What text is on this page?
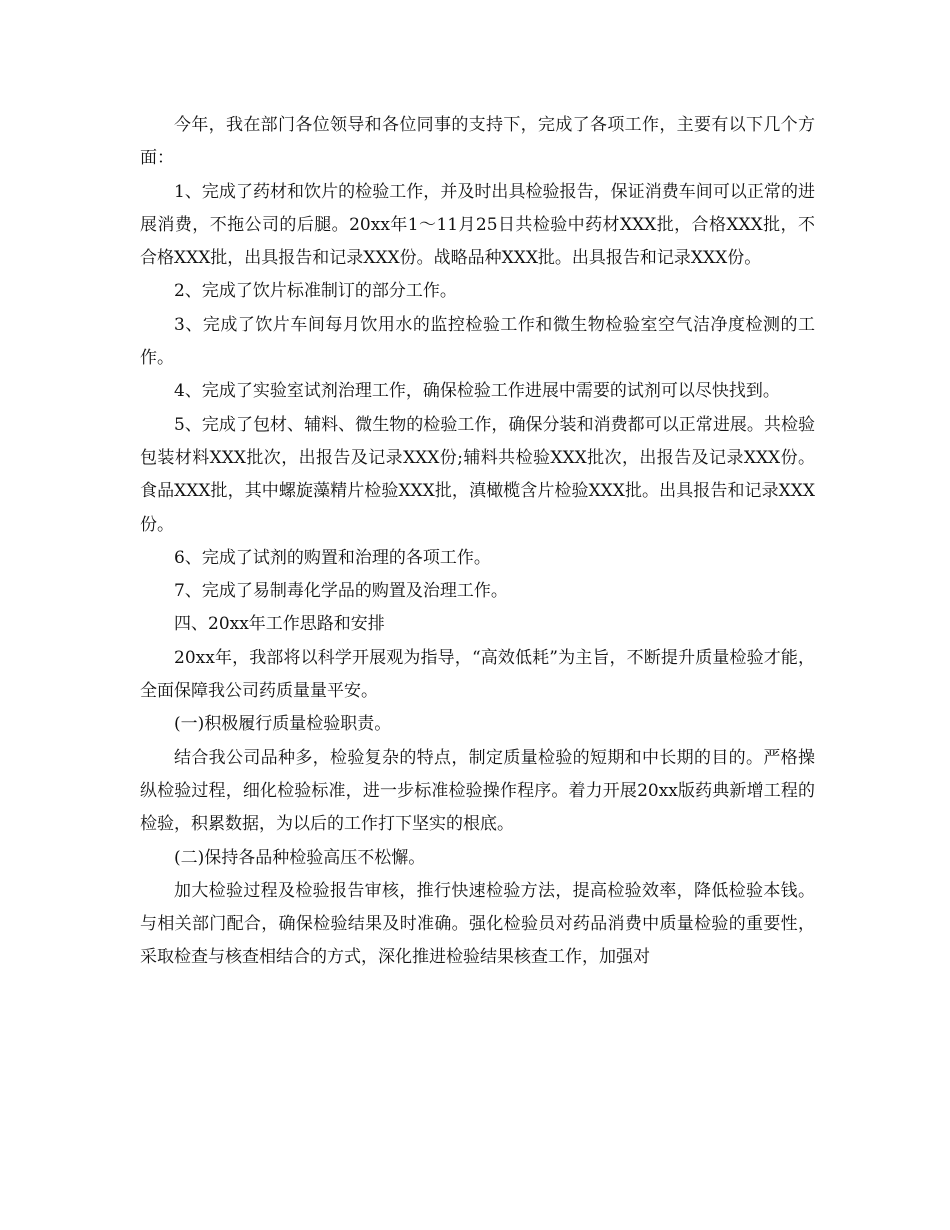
今年，我在部门各位领导和各位同事的支持下，完成了各项工作，主要有以下几个方面：

1、完成了药材和饮片的检验工作，并及时出具检验报告，保证消费车间可以正常的进展消费，不拖公司的后腿。20xx年1～11月25日共检验中药材XXX批，合格XXX批，不合格XXX批，出具报告和记录XXX份。战略品种XXX批。出具报告和记录XXX份。

2、完成了饮片标准制订的部分工作。

3、完成了饮片车间每月饮用水的监控检验工作和微生物检验室空气洁净度检测的工作。

4、完成了实验室试剂治理工作，确保检验工作进展中需要的试剂可以尽快找到。

5、完成了包材、辅料、微生物的检验工作，确保分装和消费都可以正常进展。共检验包装材料XXX批次，出报告及记录XXX份;辅料共检验XXX批次，出报告及记录XXX份。食品XXX批，其中螺旋藻精片检验XXX批，滇橄榄含片检验XXX批。出具报告和记录XXX份。

6、完成了试剂的购置和治理的各项工作。

7、完成了易制毒化学品的购置及治理工作。

四、20xx年工作思路和安排

20xx年，我部将以科学开展观为指导，“高效低耗”为主旨，不断提升质量检验才能，全面保障我公司药质量量平安。

(一)积极履行质量检验职责。

结合我公司品种多，检验复杂的特点，制定质量检验的短期和中长期的目的。严格操纵检验过程，细化检验标准，进一步标准检验操作程序。着力开展20xx版药典新增工程的检验，积累数据，为以后的工作打下坚实的根底。

(二)保持各品种检验高压不松懈。

加大检验过程及检验报告审核，推行快速检验方法，提高检验效率，降低检验本钱。与相关部门配合，确保检验结果及时准确。强化检验员对药品消费中质量检验的重要性，采取检查与核查相结合的方式，深化推进检验结果核查工作，加强对
